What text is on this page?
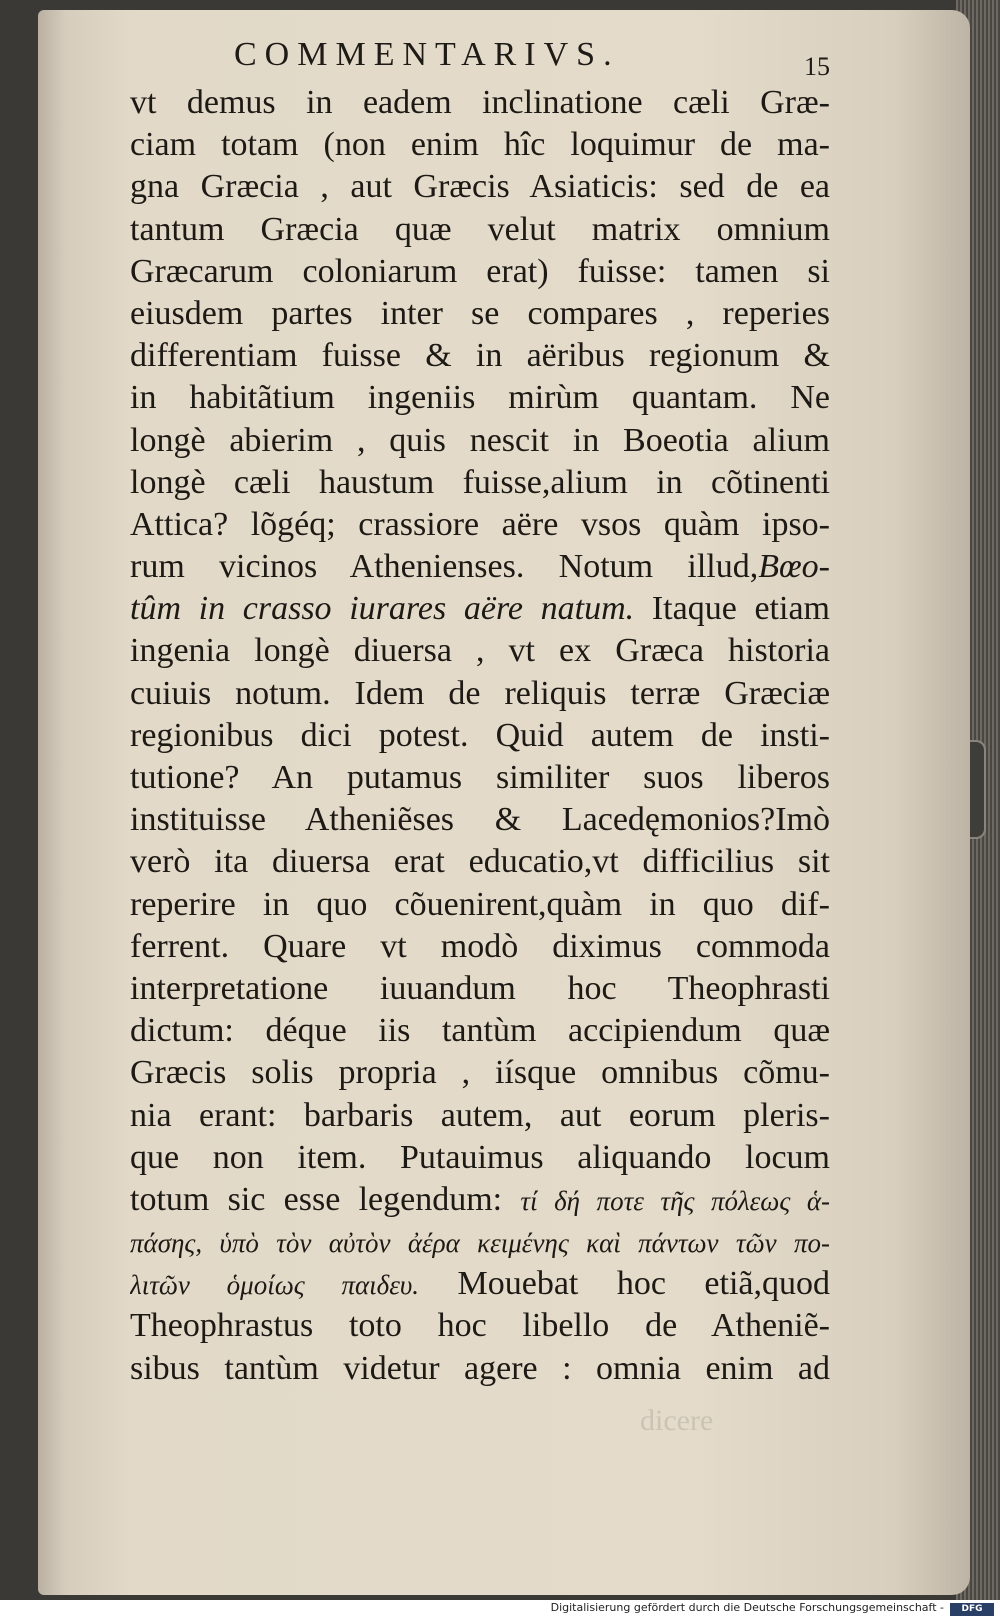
COMMENTARIVS.	15
vt demus in eadem inclinatione cæli Græ-
ciam totam (non enim hîc loquimur de ma-
gna Græcia , aut Græcis Asiaticis: sed de ea
tantum Græcia quæ velut matrix omnium
Græcarum coloniarum erat) fuisse: tamen si
eiusdem partes inter se compares , reperies
differentiam fuisse & in aëribus regionum &
in habitãtium ingeniis mirùm quantam. Ne
longè abierim , quis nescit in Boeotia alium
longè cæli haustum fuisse,alium in cõtinenti
Attica? lõgéq; crassiore aëre vsos quàm ipso-
rum vicinos Athenienses. Notum illud,Bœo-
tûm in crasso iurares aëre natum. Itaque etiam
ingenia longè diuersa , vt ex Græca historia
cuiuis notum. Idem de reliquis terræ Græciæ
regionibus dici potest. Quid autem de insti-
tutione? An putamus similiter suos liberos
instituisse Atheniẽses & Lacedęmonios?Imò
verò ita diuersa erat educatio,vt difficilius sit
reperire in quo cõuenirent,quàm in quo dif-
ferrent. Quare vt modò diximus commoda
interpretatione iuuandum hoc Theophrasti
dictum: déque iis tantùm accipiendum quæ
Græcis solis propria , iísque omnibus cõmu-
nia erant: barbaris autem, aut eorum pleris-
que non item. Putauimus aliquando locum
totum sic esse legendum: τί δή ποτε τῆς πόλεως ἁ-
πάσης, ὑπὸ τὸν αὐτὸν ἀέρα κειμένης καὶ πάντων τῶν πο-
λιτῶν ὁμοίως παιδευ. Mouebat hoc etiã,quod
Theophrastus toto hoc libello de Atheniẽ-
sibus tantùm videtur agere : omnia enim ad
dicere
Digitalisierung gefördert durch die Deutsche Forschungsgemeinschaft -	DFG
